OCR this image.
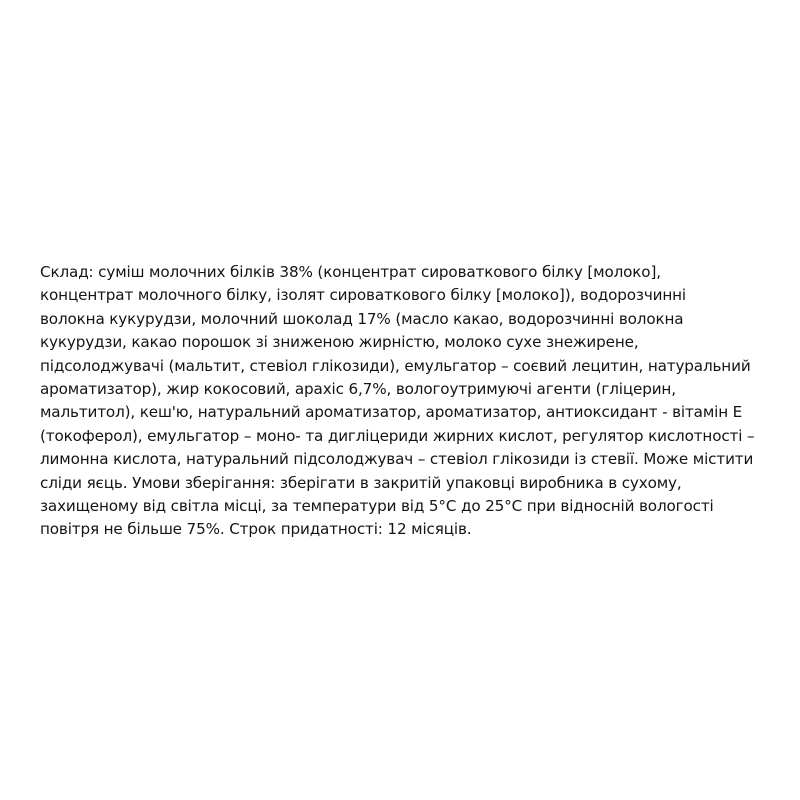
Склад: суміш молочних білків 38% (концентрат сироваткового білку [молоко],
концентрат молочного білку, ізолят сироваткового білку [молоко]), водорозчинні
волокна кукурудзи, молочний шоколад 17% (масло какао, водорозчинні волокна
кукурудзи, какао порошок зі зниженою жирністю, молоко сухе знежирене,
підсолоджувачі (мальтит, стевіол глікозиди), емульгатор – соєвий лецитин, натуральний
ароматизатор), жир кокосовий, арахіс 6,7%, вологоутримуючі агенти (гліцерин,
мальтитол), кеш'ю, натуральний ароматизатор, ароматизатор, антиоксидант - вітамін Е
(токоферол), емульгатор – моно- та дигліцериди жирних кислот, регулятор кислотності –
лимонна кислота, натуральний підсолоджувач – стевіол глікозиди із стевії. Може містити
сліди яєць. Умови зберігання: зберігати в закритій упаковці виробника в сухому,
захищеному від світла місці, за температури від 5°С до 25°С при відносній вологості
повітря не більше 75%. Строк придатності: 12 місяців.
